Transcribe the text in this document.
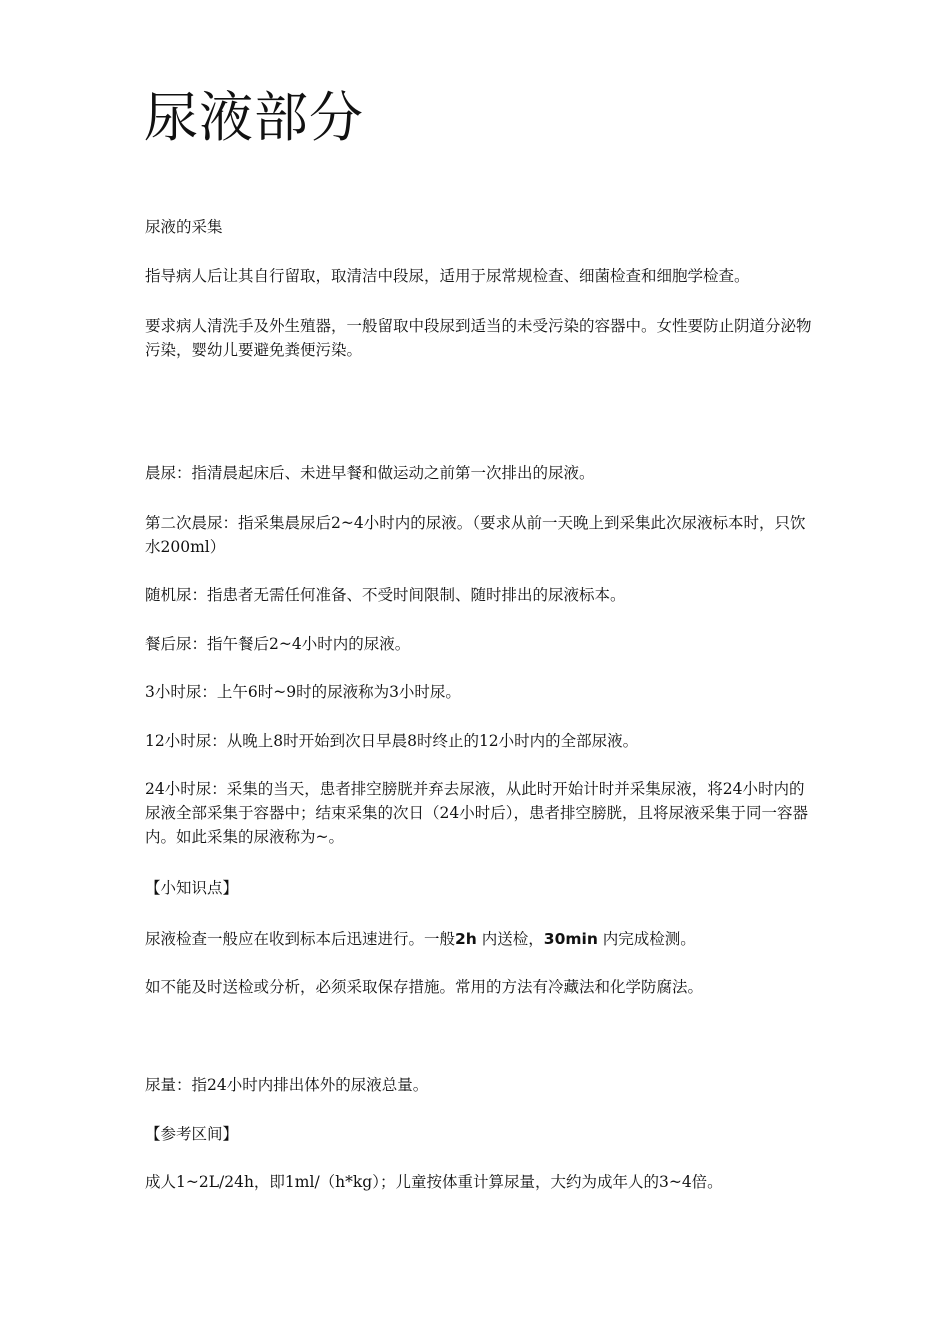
尿液部分

尿液的采集

指导病人后让其自行留取，取清洁中段尿，适用于尿常规检查、细菌检查和细胞学检查。

要求病人清洗手及外生殖器，一般留取中段尿到适当的未受污染的容器中。女性要防止阴道分泌物污染，婴幼儿要避免粪便污染。

晨尿：指清晨起床后、未进早餐和做运动之前第一次排出的尿液。

第二次晨尿：指采集晨尿后2~4小时内的尿液。（要求从前一天晚上到采集此次尿液标本时，只饮水200ml）

随机尿：指患者无需任何准备、不受时间限制、随时排出的尿液标本。

餐后尿：指午餐后2~4小时内的尿液。

3小时尿：上午6时~9时的尿液称为3小时尿。

12小时尿：从晚上8时开始到次日早晨8时终止的12小时内的全部尿液。

24小时尿：采集的当天，患者排空膀胱并弃去尿液，从此时开始计时并采集尿液，将24小时内的尿液全部采集于容器中；结束采集的次日（24小时后），患者排空膀胱，且将尿液采集于同一容器内。如此采集的尿液称为~。

【小知识点】

尿液检查一般应在收到标本后迅速进行。一般2h 内送检，30min 内完成检测。

如不能及时送检或分析，必须采取保存措施。常用的方法有冷藏法和化学防腐法。

尿量：指24小时内排出体外的尿液总量。

【参考区间】

成人1~2L/24h，即1ml/（h*kg）；儿童按体重计算尿量，大约为成年人的3~4倍。
